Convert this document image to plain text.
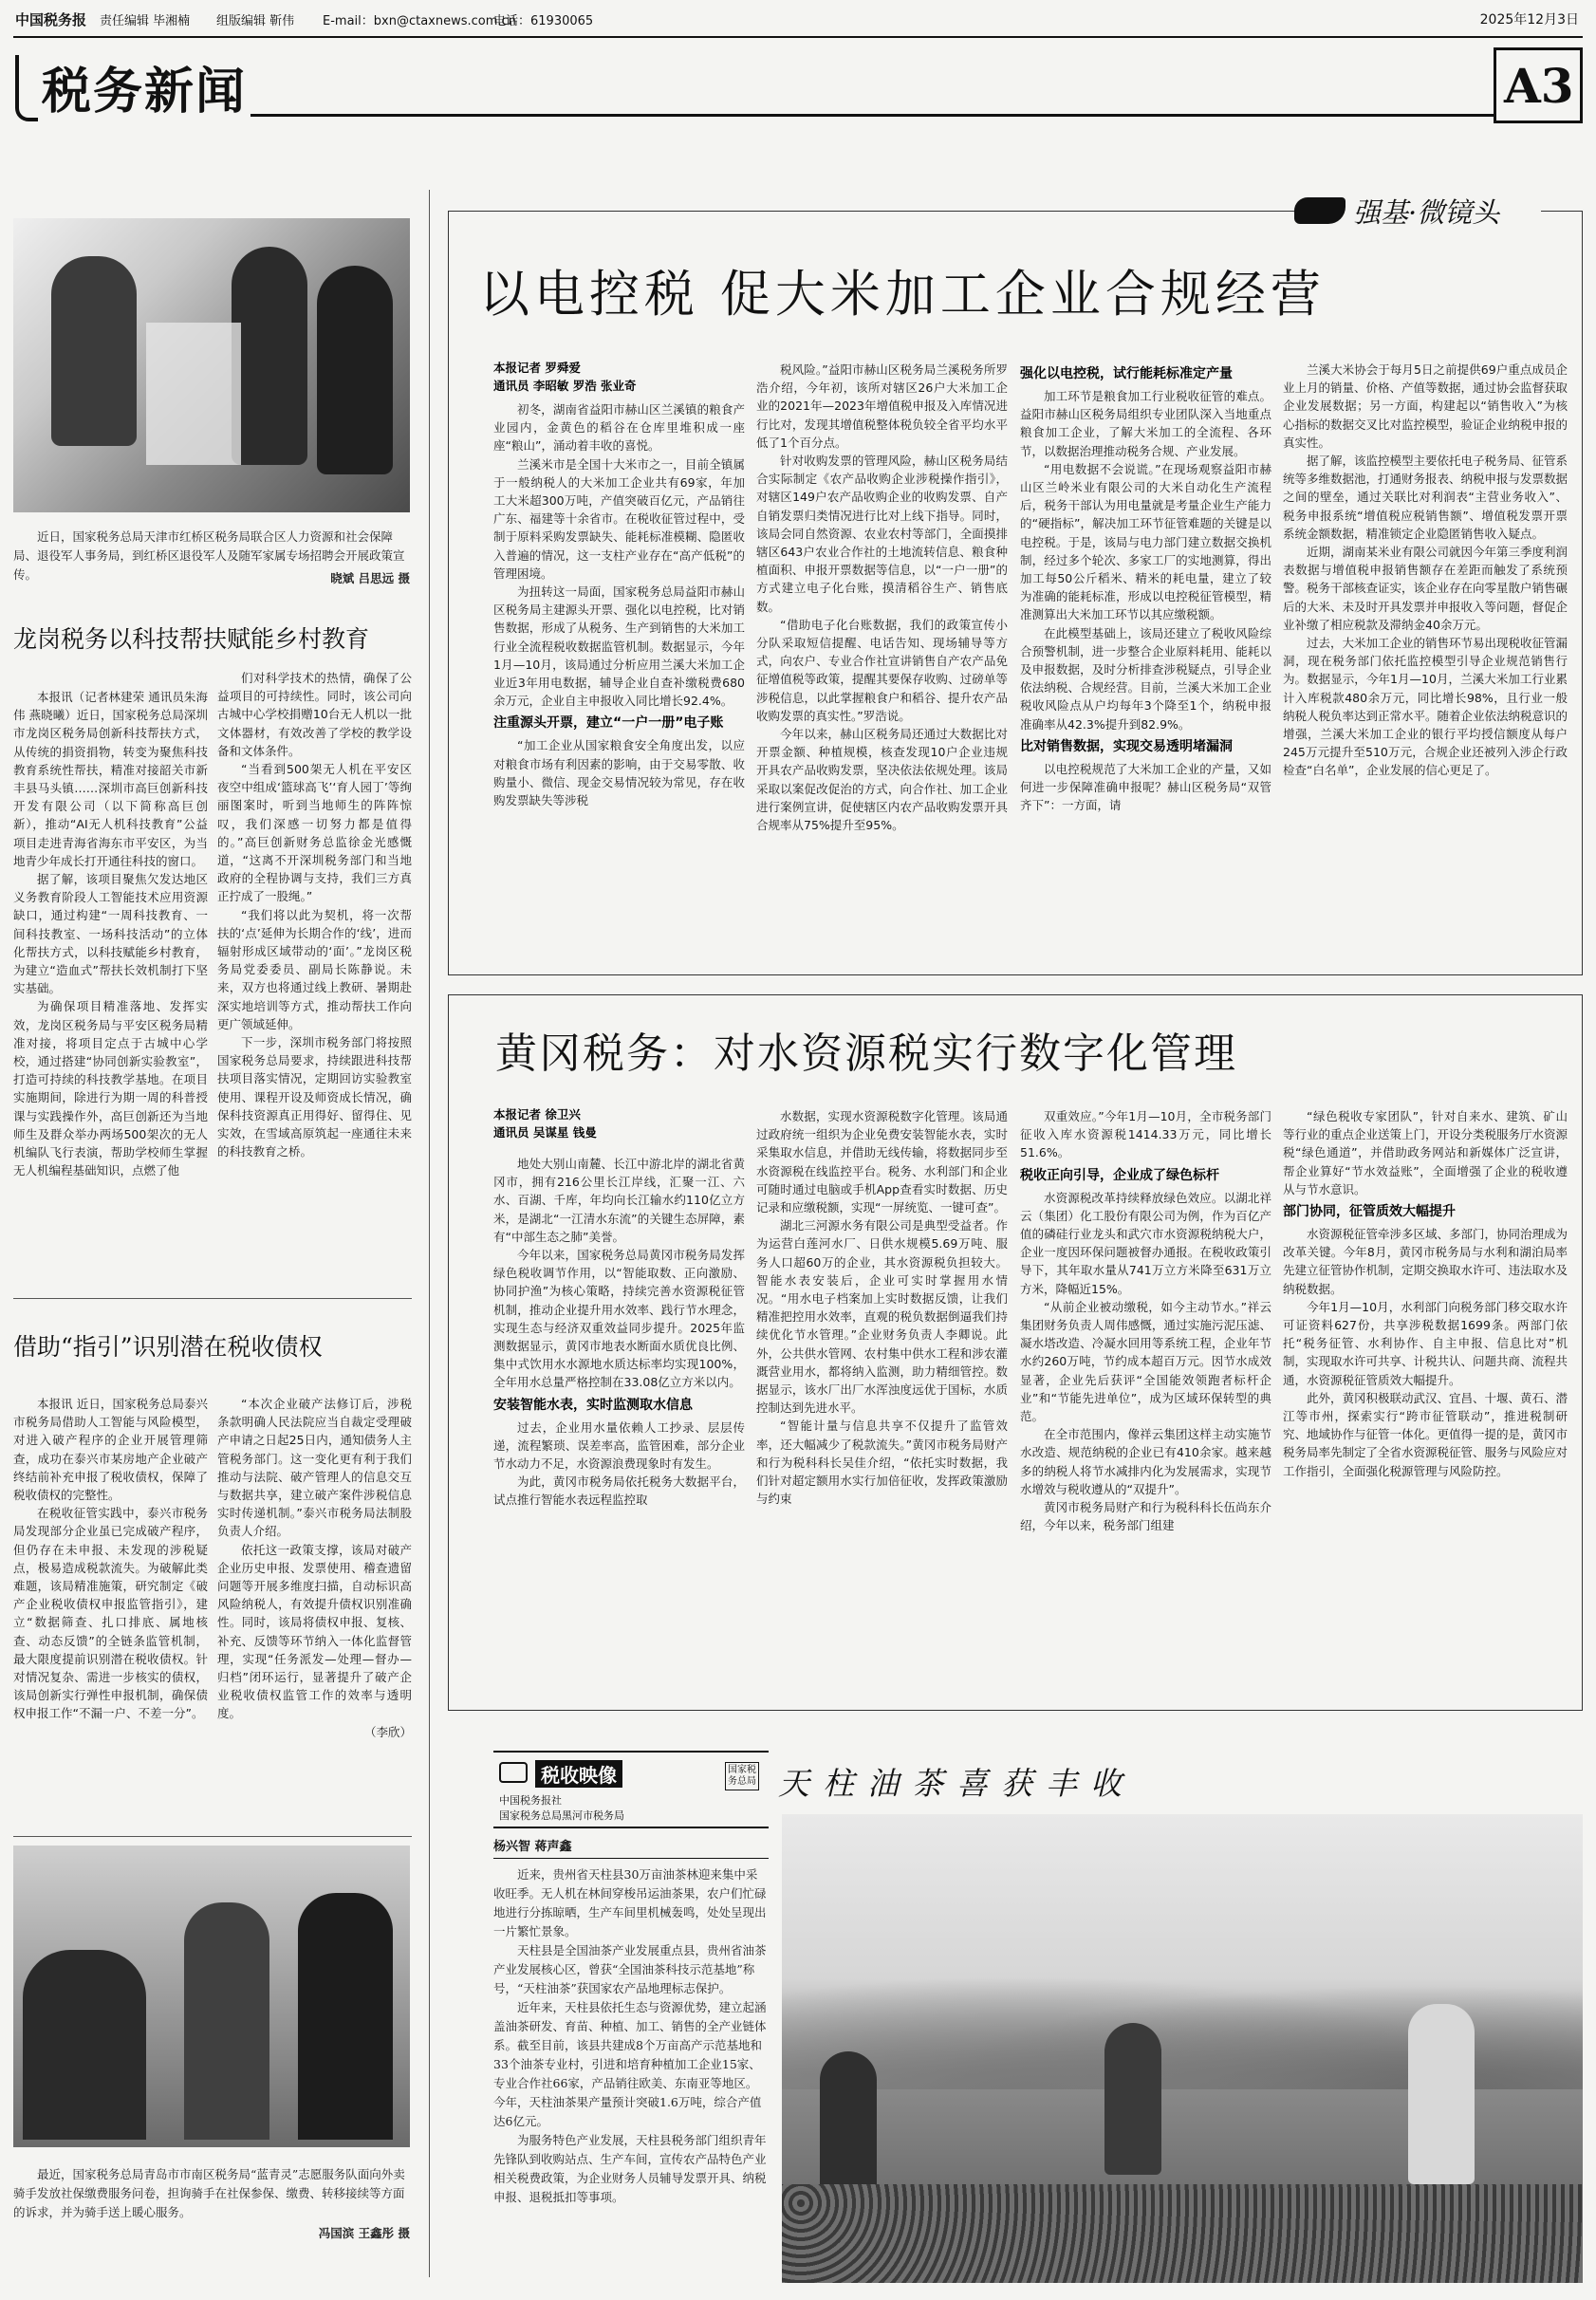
中国税务报 责任编辑 毕湘楠 组版编辑 靳伟 E-mail：bxn@ctaxnews.com.cn
电话：61930065	2025年12月3日
税务新闻	A3

近日，国家税务总局天津市红桥区税务局联合区人力资源和社会保障局、退役军人事务局，到红桥区退役军人及随军家属专场招聘会开展政策宣传。	晓斌 吕思远 摄
龙岗税务以科技帮扶赋能乡村教育

本报讯（记者林建荣 通讯员朱海伟 燕晓曦）近日，国家税务总局深圳市龙岗区税务局创新科技帮扶方式，从传统的捐资捐物，转变为聚焦科技教育系统性帮扶，精准对接韶关市新丰县马头镇……深圳市高巨创新科技开发有限公司（以下简称高巨创新），推动“AI无人机科技教育”公益项目走进青海省海东市平安区，为当地青少年成长打开通往科技的窗口。

据了解，该项目聚焦欠发达地区义务教育阶段人工智能技术应用资源缺口，通过构建“一周科技教育、一间科技教室、一场科技活动”的立体化帮扶方式，以科技赋能乡村教育，为建立“造血式”帮扶长效机制打下坚实基础。

为确保项目精准落地、发挥实效，龙岗区税务局与平安区税务局精准对接，将项目定点于古城中心学校，通过搭建“协同创新实验教室”，打造可持续的科技教学基地。在项目实施期间，除进行为期一周的科普授课与实践操作外，高巨创新还为当地师生及群众举办两场500架次的无人机编队飞行表演，帮助学校师生掌握无人机编程基础知识，点燃了他

们对科学技术的热情，确保了公益项目的可持续性。同时，该公司向古城中心学校捐赠10台无人机以一批文体器材，有效改善了学校的教学设备和文体条件。

“当看到500架无人机在平安区夜空中组成‘篮球高飞’‘育人园丁’等绚丽图案时，听到当地师生的阵阵惊叹，我们深感一切努力都是值得的。”高巨创新财务总监徐金光感慨道，“这离不开深圳税务部门和当地政府的全程协调与支持，我们三方真正拧成了一股绳。”

“我们将以此为契机，将一次帮扶的‘点’延伸为长期合作的‘线’，进而辐射形成区域带动的‘面’。”龙岗区税务局党委委员、副局长陈静说。未来，双方也将通过线上教研、暑期赴深实地培训等方式，推动帮扶工作向更广领域延伸。

下一步，深圳市税务部门将按照国家税务总局要求，持续跟进科技帮扶项目落实情况，定期回访实验教室使用、课程开设及师资成长情况，确保科技资源真正用得好、留得住、见实效，在雪域高原筑起一座通往未来的科技教育之桥。

借助“指引”识别潜在税收债权

本报讯 近日，国家税务总局泰兴市税务局借助人工智能与风险模型，对进入破产程序的企业开展管理筛查，成功在泰兴市某房地产企业破产终结前补充申报了税收债权，保障了税收债权的完整性。

在税收征管实践中，泰兴市税务局发现部分企业虽已完成破产程序，但仍存在未申报、未发现的涉税疑点，极易造成税款流失。为破解此类难题，该局精准施策，研究制定《破产企业税收债权申报监管指引》，建立“数据筛查、扎口排底、属地核查、动态反馈”的全链条监管机制，最大限度提前识别潜在税收债权。针对情况复杂、需进一步核实的债权，该局创新实行弹性申报机制，确保债权申报工作“不漏一户、不差一分”。

“本次企业破产法修订后，涉税条款明确人民法院应当自裁定受理破产申请之日起25日内，通知债务人主管税务部门。这一变化更有利于我们推动与法院、破产管理人的信息交互与数据共享，建立破产案件涉税信息实时传递机制。”泰兴市税务局法制股负责人介绍。

依托这一政策支撑，该局对破产企业历史申报、发票使用、稽查遗留问题等开展多维度扫描，自动标识高风险纳税人，有效提升债权识别准确性。同时，该局将债权申报、复核、补充、反馈等环节纳入一体化监督管理，实现“任务派发—处理—督办—归档”闭环运行，显著提升了破产企业税收债权监管工作的效率与透明度。

（李欣）

最近，国家税务总局青岛市市南区税务局“蓝青灵”志愿服务队面向外卖骑手发放社保缴费服务问卷，担询骑手在社保参保、缴费、转移接续等方面的诉求，并为骑手送上暖心服务。

冯国滨 王鑫彤 摄
强基·微镜头
以电控税 促大米加工企业合规经营
本报记者 罗舜爱
通讯员 李昭敏 罗浩 张业奇

初冬，湖南省益阳市赫山区兰溪镇的粮食产业园内，金黄色的稻谷在仓库里堆积成一座座“粮山”，涌动着丰收的喜悦。

兰溪米市是全国十大米市之一，目前全镇属于一般纳税人的大米加工企业共有69家，年加工大米超300万吨，产值突破百亿元，产品销往广东、福建等十余省市。在税收征管过程中，受制于原料采购发票缺失、能耗标准模糊、隐匿收入普遍的情况，这一支柱产业存在“高产低税”的管理困境。

为扭转这一局面，国家税务总局益阳市赫山区税务局主建源头开票、强化以电控税，比对销售数据，形成了从税务、生产到销售的大米加工行业全流程税收数据监管机制。数据显示，今年1月—10月，该局通过分析应用兰溪大米加工企业近3年用电数据，辅导企业自查补缴税费680余万元，企业自主申报收入同比增长92.4%。

注重源头开票，建立“一户一册”电子账

“加工企业从国家粮食安全角度出发，以应对粮食市场有利因素的影响，由于交易零散、收购量小、微信、现金交易情况较为常见，存在收购发票缺失等涉税

税风险。”益阳市赫山区税务局兰溪税务所罗浩介绍，今年初，该所对辖区26户大米加工企业的2021年—2023年增值税申报及入库情况进行比对，发现其增值税整体税负较全省平均水平低了1个百分点。

针对收购发票的管理风险，赫山区税务局结合实际制定《农产品收购企业涉税操作指引》，对辖区149户农产品收购企业的收购发票、自产自销发票归类情况进行比对上线下指导。同时，该局会同自然资源、农业农村等部门，全面摸排辖区643户农业合作社的土地流转信息、粮食种植面积、申报开票数据等信息，以“一户一册”的方式建立电子化台账，摸清稻谷生产、销售底数。

“借助电子化台账数据，我们的政策宣传小分队采取短信提醒、电话告知、现场辅导等方式，向农户、专业合作社宣讲销售自产农产品免征增值税等政策，提醒其要保存收购、过磅单等涉税信息，以此掌握粮食户和稻谷、提升农产品收购发票的真实性。”罗浩说。

今年以来，赫山区税务局还通过大数据比对开票金额、种植规模，核查发现10户企业违规开具农产品收购发票，坚决依法依规处理。该局采取以案促改促治的方式，向合作社、加工企业进行案例宣讲，促使辖区内农产品收购发票开具合规率从75%提升至95%。

强化以电控税，试行能耗标准定产量

加工环节是粮食加工行业税收征管的难点。益阳市赫山区税务局组织专业团队深入当地重点粮食加工企业，了解大米加工的全流程、各环节，以数据治理推动税务合规、产业发展。

“用电数据不会说谎。”在现场观察益阳市赫山区兰岭米业有限公司的大米自动化生产流程后，税务干部认为用电量就是考量企业生产能力的“硬指标”，解决加工环节征管难题的关键是以电控税。于是，该局与电力部门建立数据交换机制，经过多个轮次、多家工厂的实地测算，得出加工每50公斤稻米、精米的耗电量，建立了较为准确的能耗标准，形成以电控税征管模型，精准测算出大米加工环节以其应缴税额。

在此模型基础上，该局还建立了税收风险综合预警机制，进一步整合企业原料耗用、能耗以及申报数据，及时分析排查涉税疑点，引导企业依法纳税、合规经营。目前，兰溪大米加工企业税收风险点从户均每年3个降至1个，纳税申报准确率从42.3%提升到82.9%。

比对销售数据，实现交易透明堵漏洞

以电控税规范了大米加工企业的产量，又如何进一步保障准确申报呢？赫山区税务局“双管齐下”：一方面，请

兰溪大米协会于每月5日之前提供69户重点成员企业上月的销量、价格、产值等数据，通过协会监督获取企业发展数据；另一方面，构建起以“销售收入”为核心指标的数据交叉比对监控模型，验证企业纳税申报的真实性。

据了解，该监控模型主要依托电子税务局、征管系统等多维数据池，打通财务报表、纳税申报与发票数据之间的壁垒，通过关联比对利润表“主营业务收入”、税务申报系统“增值税应税销售额”、增值税发票开票系统金额数据，精准锁定企业隐匿销售收入疑点。

近期，湖南某米业有限公司就因今年第三季度利润表数据与增值税申报销售额存在差距而触发了系统预警。税务干部核查证实，该企业存在向零星散户销售碾后的大米、未及时开具发票并申报收入等问题，督促企业补缴了相应税款及滞纳金40余万元。

过去，大米加工企业的销售环节易出现税收征管漏洞，现在税务部门依托监控模型引导企业规范销售行为。数据显示，今年1月—10月，兰溪大米加工行业累计入库税款480余万元，同比增长98%，且行业一般纳税人税负率达到正常水平。随着企业依法纳税意识的增强，兰溪大米加工企业的银行平均授信额度从每户245万元提升至510万元，合规企业还被列入涉企行政检查“白名单”，企业发展的信心更足了。

黄冈税务：对水资源税实行数字化管理
本报记者 徐卫兴
通讯员 吴谋星 钱曼

地处大别山南麓、长江中游北岸的湖北省黄冈市，拥有216公里长江岸线，汇聚一江、六水、百湖、千库，年均向长江输水约110亿立方米，是湖北“一江清水东流”的关键生态屏障，素有“中部生态之肺”美誉。

今年以来，国家税务总局黄冈市税务局发挥绿色税收调节作用，以“智能取数、正向激励、协同护渔”为核心策略，持续完善水资源税征管机制，推动企业提升用水效率、践行节水理念，实现生态与经济双重效益同步提升。2025年监测数据显示，黄冈市地表水断面水质优良比例、集中式饮用水水源地水质达标率均实现100%，全年用水总量严格控制在33.08亿立方米以内。

安装智能水表，实时监测取水信息

过去，企业用水量依赖人工抄录、层层传递，流程繁琐、误差率高，监管困难，部分企业节水动力不足，水资源浪费现象时有发生。

为此，黄冈市税务局依托税务大数据平台，试点推行智能水表远程监控取

水数据，实现水资源税数字化管理。该局通过政府统一组织为企业免费安装智能水表，实时采集取水信息，并借助无线传输，将数据同步至水资源税在线监控平台。税务、水利部门和企业可随时通过电脑或手机App查看实时数据、历史记录和应缴税额，实现“一屏统览、一键可查”。

湖北三河源水务有限公司是典型受益者。作为运营白莲河水厂、日供水规模5.69万吨、服务人口超60万的企业，其水资源税负担较大。智能水表安装后，企业可实时掌握用水情况。“用水电子档案加上实时数据反馈，让我们精准把控用水效率，直观的税负数据倒逼我们持续优化节水管理。”企业财务负责人李卿说。此外，公共供水管网、农村集中供水工程和涉农灌溉营业用水，都将纳入监测，助力精细管控。数据显示，该水厂出厂水浑浊度远优于国标，水质控制达到先进水平。

“智能计量与信息共享不仅提升了监管效率，还大幅减少了税款流失。”黄冈市税务局财产和行为税科科长吴佳介绍，“依托实时数据，我们针对超定额用水实行加倍征收，发挥政策激励与约束

双重效应。”今年1月—10月，全市税务部门征收入库水资源税1414.33万元，同比增长51.6%。

税收正向引导，企业成了绿色标杆

水资源税改革持续释放绿色效应。以湖北祥云（集团）化工股份有限公司为例，作为百亿产值的磷硅行业龙头和武穴市水资源税纳税大户，企业一度因环保问题被督办通报。在税收政策引导下，其年取水量从741万立方米降至631万立方米，降幅近15%。

“从前企业被动缴税，如今主动节水。”祥云集团财务负责人周伟感慨，通过实施污泥压滤、凝水塔改造、冷凝水回用等系统工程，企业年节水约260万吨，节约成本超百万元。因节水成效显著，企业先后获评“全国能效领跑者标杆企业”和“节能先进单位”，成为区域环保转型的典范。

在全市范围内，像祥云集团这样主动实施节水改造、规范纳税的企业已有410余家。越来越多的纳税人将节水减排内化为发展需求，实现节水增效与税收遵从的“双提升”。

黄冈市税务局财产和行为税科科长伍尚东介绍，今年以来，税务部门组建

“绿色税收专家团队”，针对自来水、建筑、矿山等行业的重点企业送策上门，开设分类税服务厅水资源税“绿色通道”，并借助政务网站和新媒体广泛宣讲，帮企业算好“节水效益账”，全面增强了企业的税收遵从与节水意识。

部门协同，征管质效大幅提升

水资源税征管牵涉多区域、多部门，协同治理成为改革关键。今年8月，黄冈市税务局与水利和湖泊局率先建立征管协作机制，定期交换取水许可、违法取水及纳税数据。

今年1月—10月，水利部门向税务部门移交取水许可证资料627份，共享涉税数据1699条。两部门依托“税务征管、水利协作、自主申报、信息比对”机制，实现取水许可共享、计税共认、问题共商、流程共通，水资源税征管质效大幅提升。

此外，黄冈积极联动武汉、宜昌、十堰、黄石、潜江等市州，探索实行“跨市征管联动”，推进税制研究、地域协作与征管一体化。更值得一提的是，黄冈市税务局率先制定了全省水资源税征管、服务与风险应对工作指引，全面强化税源管理与风险防控。

税收映像
中国税务报社
国家税务总局黑河市税务局
国家税务总局 天柱油茶喜获丰收
杨兴智 蒋声鑫

近来，贵州省天柱县30万亩油茶林迎来集中采收旺季。无人机在林间穿梭吊运油茶果，农户们忙碌地进行分拣晾晒，生产车间里机械轰鸣，处处呈现出一片繁忙景象。

天柱县是全国油茶产业发展重点县，贵州省油茶产业发展核心区，曾获“全国油茶科技示范基地”称号，“天柱油茶”获国家农产品地理标志保护。

近年来，天柱县依托生态与资源优势，建立起涵盖油茶研发、育苗、种植、加工、销售的全产业链体系。截至目前，该县共建成8个万亩高产示范基地和33个油茶专业村，引进和培育种植加工企业15家、专业合作社66家，产品销往欧美、东南亚等地区。今年，天柱油茶果产量预计突破1.6万吨，综合产值达6亿元。

为服务特色产业发展，天柱县税务部门组织青年先锋队到收购站点、生产车间，宣传农产品特色产业相关税费政策，为企业财务人员辅导发票开具、纳税申报、退税抵扣等事项。
